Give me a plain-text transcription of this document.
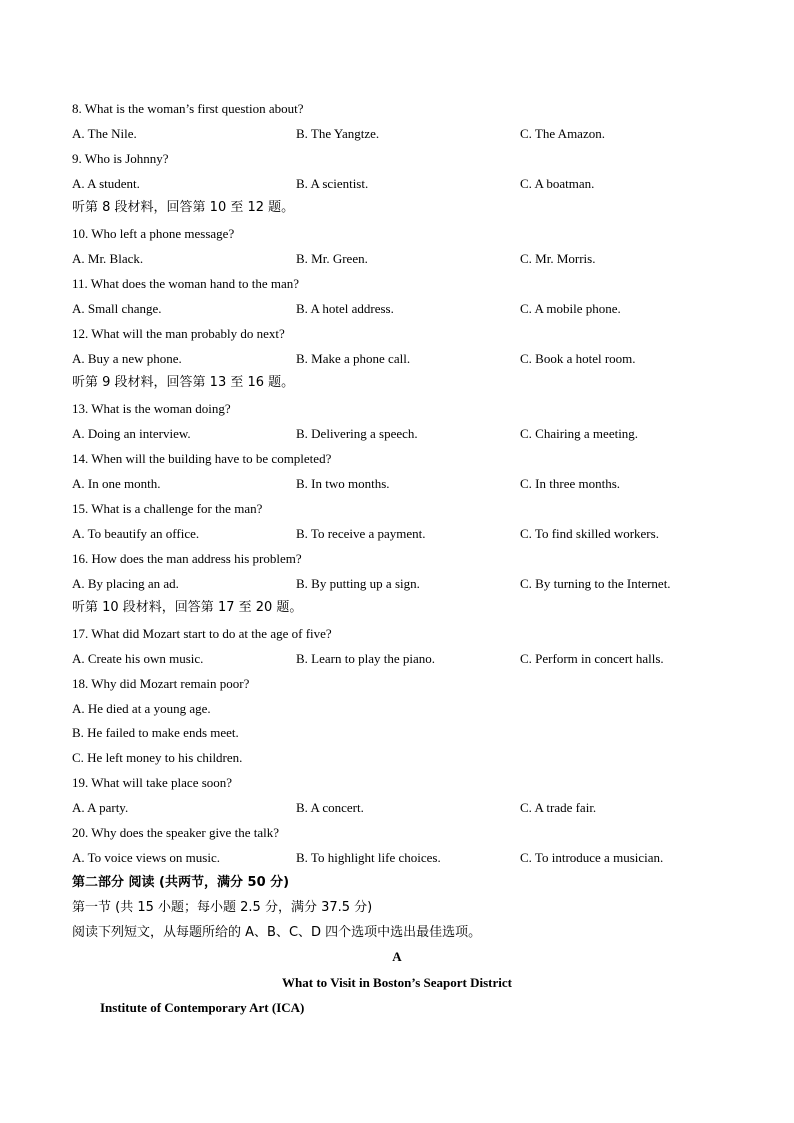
8. What is the woman’s first question about?
A. The Nile.	B. The Yangtze.	C. The Amazon.
9. Who is Johnny?
A. A student.	B. A scientist.	C. A boatman.
听第 8 段材料，回答第 10 至 12 题。
10. Who left a phone message?
A. Mr. Black.	B. Mr. Green.	C. Mr. Morris.
11. What does the woman hand to the man?
A. Small change.	B. A hotel address.	C. A mobile phone.
12. What will the man probably do next?
A. Buy a new phone.	B. Make a phone call.	C. Book a hotel room.
听第 9 段材料，回答第 13 至 16 题。
13. What is the woman doing?
A. Doing an interview.	B. Delivering a speech.	C. Chairing a meeting.
14. When will the building have to be completed?
A. In one month.	B. In two months.	C. In three months.
15. What is a challenge for the man?
A. To beautify an office.	B. To receive a payment.	C. To find skilled workers.
16. How does the man address his problem?
A. By placing an ad.	B. By putting up a sign.	C. By turning to the Internet.
听第 10 段材料，回答第 17 至 20 题。
17. What did Mozart start to do at the age of five?
A. Create his own music.	B. Learn to play the piano.	C. Perform in concert halls.
18. Why did Mozart remain poor?
A. He died at a young age.
B. He failed to make ends meet.
C. He left money to his children.
19. What will take place soon?
A. A party.	B. A concert.	C. A trade fair.
20. Why does the speaker give the talk?
A. To voice views on music.	B. To highlight life choices.	C. To introduce a musician.
第二部分 阅读 (共两节，满分 50 分)
第一节 (共 15 小题；每小题 2.5 分，满分 37.5 分)
阅读下列短文，从每题所给的 A、B、C、D 四个选项中选出最佳选项。
A
What to Visit in Boston’s Seaport District
Institute of Contemporary Art (ICA)
